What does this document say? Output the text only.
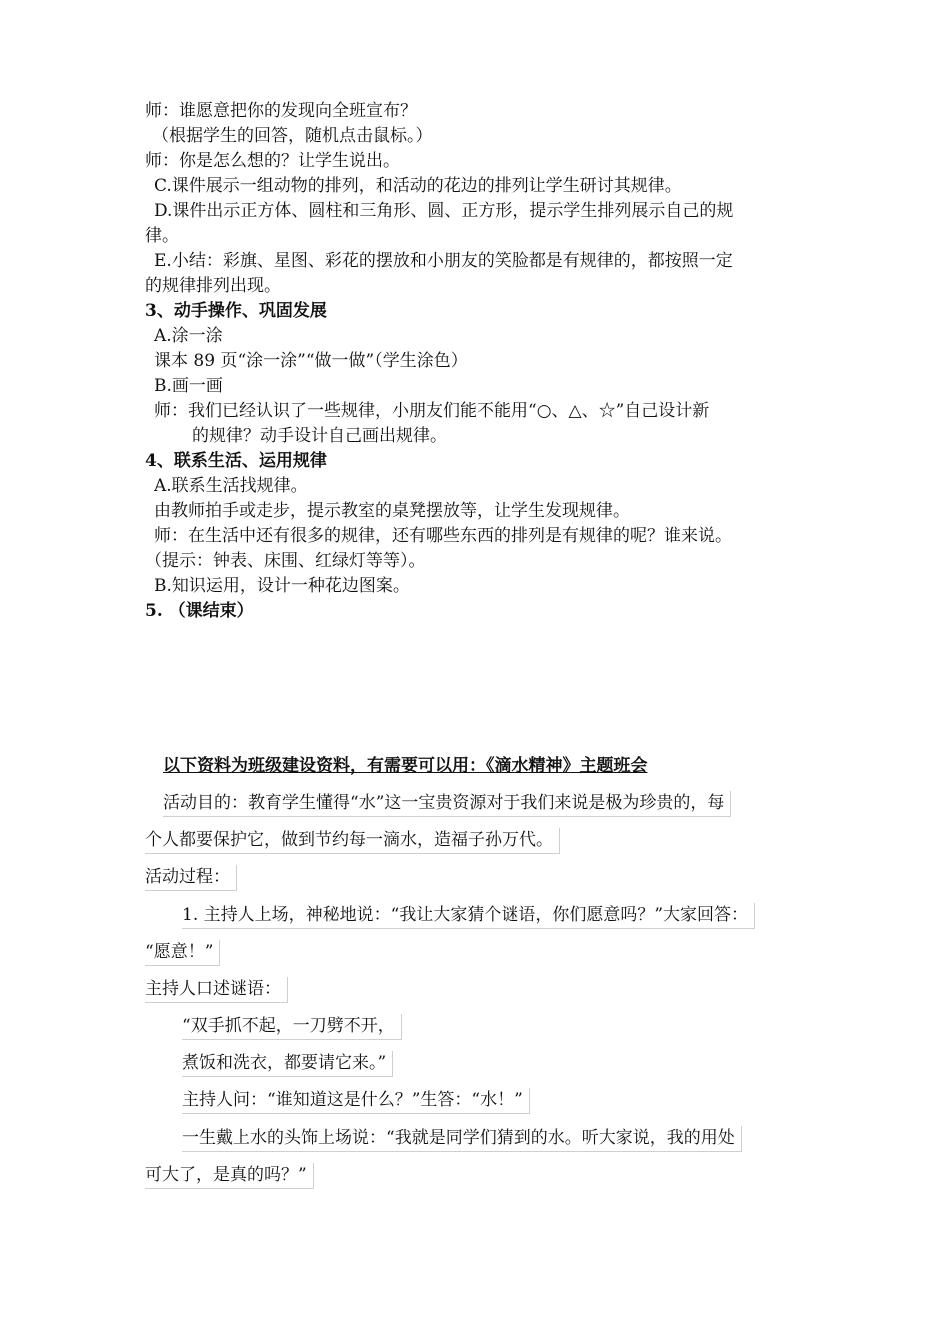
师：谁愿意把你的发现向全班宣布？
（根据学生的回答，随机点击鼠标。）
师：你是怎么想的？让学生说出。
C.课件展示一组动物的排列，和活动的花边的排列让学生研讨其规律。
D.课件出示正方体、圆柱和三角形、圆、正方形，提示学生排列展示自己的规
律。
E.小结：彩旗、星图、彩花的摆放和小朋友的笑脸都是有规律的，都按照一定
的规律排列出现。
3、动手操作、巩固发展
A.涂一涂
课本 89 页“涂一涂”“做一做”（学生涂色）
B.画一画
师：我们已经认识了一些规律，小朋友们能不能用“○、△、☆”自己设计新
的规律？动手设计自己画出规律。
4、联系生活、运用规律
A.联系生活找规律。
由教师拍手或走步，提示教室的桌凳摆放等，让学生发现规律。
师：在生活中还有很多的规律，还有哪些东西的排列是有规律的呢？谁来说。
（提示：钟表、床围、红绿灯等等）。
B.知识运用，设计一种花边图案。
5. （课结束）
以下资料为班级建设资料，有需要可以用：《滴水精神》主题班会
活动目的：教育学生懂得“水”这一宝贵资源对于我们来说是极为珍贵的，每
个人都要保护它，做到节约每一滴水，造福子孙万代。
活动过程：
1. 主持人上场，神秘地说：“我让大家猜个谜语，你们愿意吗？”大家回答：
“愿意！”
主持人口述谜语：
“双手抓不起，一刀劈不开，
煮饭和洗衣，都要请它来。”
主持人问：“谁知道这是什么？”生答：“水！”
一生戴上水的头饰上场说：“我就是同学们猜到的水。听大家说，我的用处
可大了，是真的吗？”
